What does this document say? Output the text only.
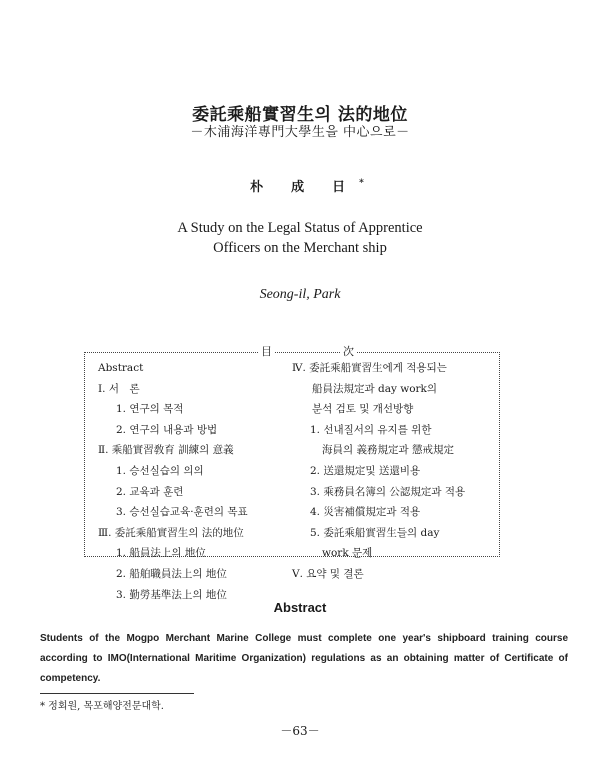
委託乘船實習生의 法的地位
－木浦海洋專門大學生을 中心으로－
朴 成 日 *
A Study on the Legal Status of Apprentice
Officers on the Merchant ship
Seong-il, Park
目	次
Abstract
Ⅰ. 서　론
1. 연구의 목적
2. 연구의 내용과 방법
Ⅱ. 乘船實習敎育 訓練의 意義
1. 승선실습의 의의
2. 교육과 훈련
3. 승선실습교육·훈련의 목표
Ⅲ. 委託乘船實習生의 法的地位
1. 船員法上의 地位
2. 船舶職員法上의 地位
3. 勤勞基準法上의 地位
Ⅳ. 委託乘船實習生에게 적용되는
船員法規定과 day work의
분석 검토 및 개선방향
1. 선내질서의 유지를 위한
海員의 義務規定과 懲戒規定
2. 送還規定및 送還비용
3. 乘務員名簿의 公認規定과 적용
4. 災害補償規定과 적용
5. 委託乘船實習生들의 day
work 문제
Ⅴ. 요약 및 결론
Abstract
Students of the Mogpo Merchant Marine College must complete one year's shipboard training course according to IMO(International Maritime Organization) regulations as an obtaining matter of Certificate of competency.
* 정회원, 목포해양전문대학.
－63－
